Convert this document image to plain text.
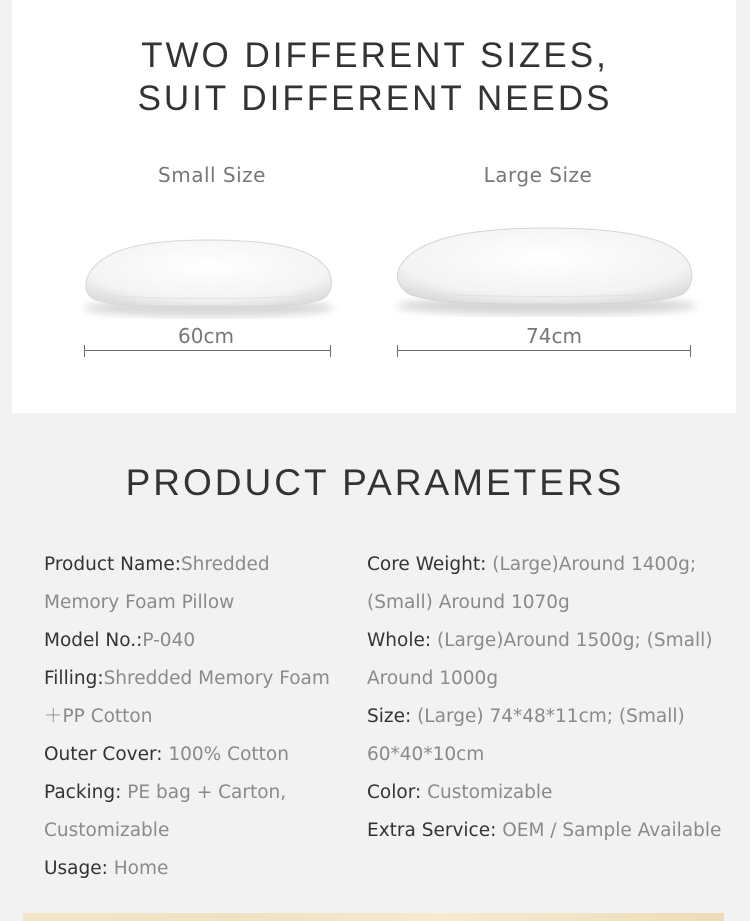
TWO DIFFERENT SIZES,
SUIT DIFFERENT NEEDS
Small Size	Large Size
60cm	74cm
PRODUCT PARAMETERS
Product Name:Shredded Memory Foam Pillow
Model No.:P-040
Filling:Shredded Memory Foam ＋PP Cotton
Outer Cover: 100% Cotton
Packing: PE bag + Carton, Customizable
Usage: Home
Core Weight: (Large)Around 1400g; (Small) Around 1070g
Whole: (Large)Around 1500g; (Small) Around 1000g
Size: (Large) 74*48*11cm; (Small) 60*40*10cm
Color: Customizable
Extra Service: OEM / Sample Available
